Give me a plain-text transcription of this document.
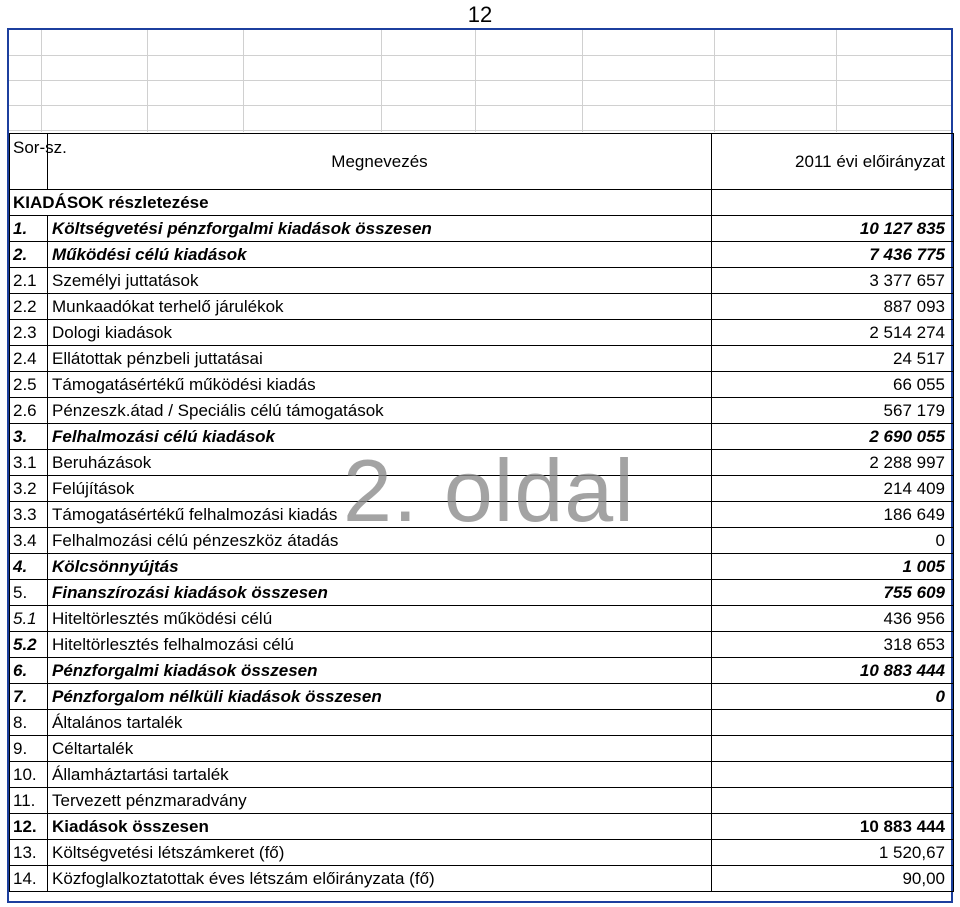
12
Sor-sz.	Megnevezés	2011 évi előirányzat
KIADÁSOK részletezése		
1.	Költségvetési pénzforgalmi kiadások összesen	10 127 835
2.	Működési célú kiadások	7 436 775
2.1	Személyi juttatások	3 377 657
2.2	Munkaadókat terhelő járulékok	887 093
2.3	Dologi kiadások	2 514 274
2.4	Ellátottak pénzbeli juttatásai	24 517
2.5	Támogatásértékű működési kiadás	66 055
2.6	Pénzeszk.átad / Speciális célú támogatások	567 179
3.	Felhalmozási célú kiadások	2 690 055
3.1	Beruházások	2 288 997
3.2	Felújítások	214 409
3.3	Támogatásértékű felhalmozási kiadás	186 649
3.4	Felhalmozási célú pénzeszköz átadás	0
4.	Kölcsönnyújtás	1 005
5.	Finanszírozási kiadások összesen	755 609
5.1	Hiteltörlesztés működési célú	436 956
5.2	Hiteltörlesztés felhalmozási célú	318 653
6.	Pénzforgalmi kiadások összesen	10 883 444
7.	Pénzforgalom nélküli kiadások összesen	0
8.	Általános tartalék	
9.	Céltartalék	
10.	Államháztartási tartalék	
11.	Tervezett pénzmaradvány	
12.	Kiadások összesen	10 883 444
13.	Költségvetési létszámkeret (fő)	1 520,67
14.	Közfoglalkoztatottak éves létszám előirányzata (fő)	90,00
2. oldal
